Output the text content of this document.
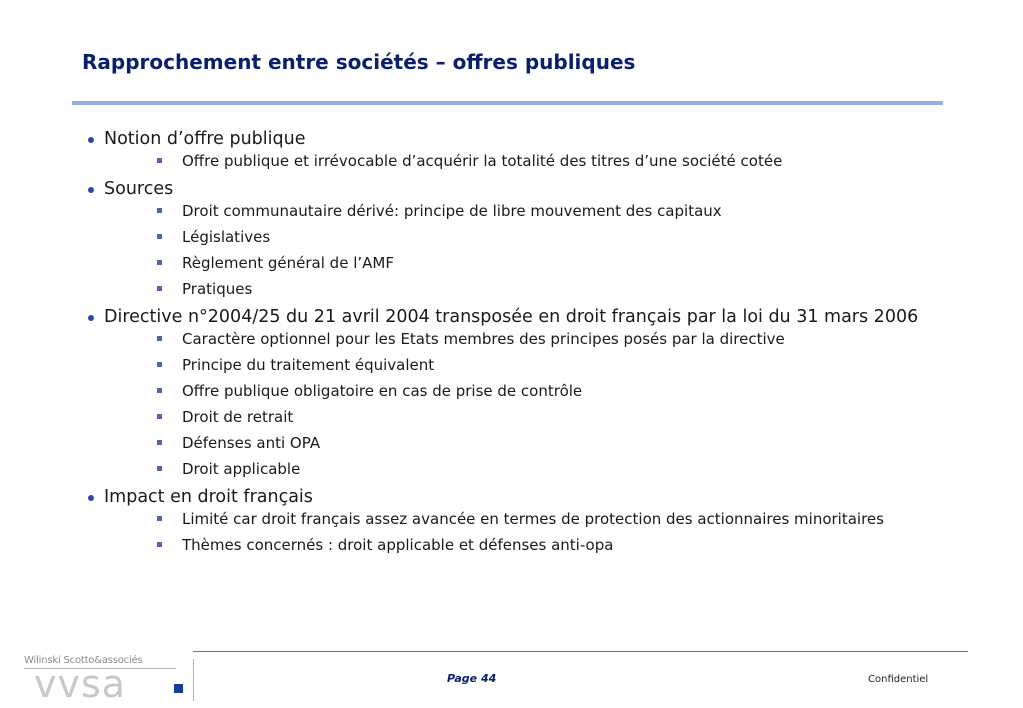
Rapprochement entre sociétés – offres publiques
Notion d’offre publique
Offre publique et irrévocable d’acquérir la totalité des titres d’une société cotée
Sources
Droit communautaire dérivé: principe de libre mouvement des capitaux
Législatives
Règlement général de l’AMF
Pratiques
Directive n°2004/25 du 21 avril 2004 transposée en droit français par la loi du 31 mars 2006
Caractère optionnel pour les Etats membres des principes posés par la directive
Principe du traitement équivalent
Offre publique obligatoire en cas de prise de contrôle
Droit de retrait
Défenses anti OPA
Droit applicable
Impact en droit français
Limité car droit français assez avancée en termes de protection des actionnaires minoritaires
Thèmes concernés : droit applicable et défenses anti-opa
Wilinski Scotto&associés
vvsa	Page 44	Confidentiel
